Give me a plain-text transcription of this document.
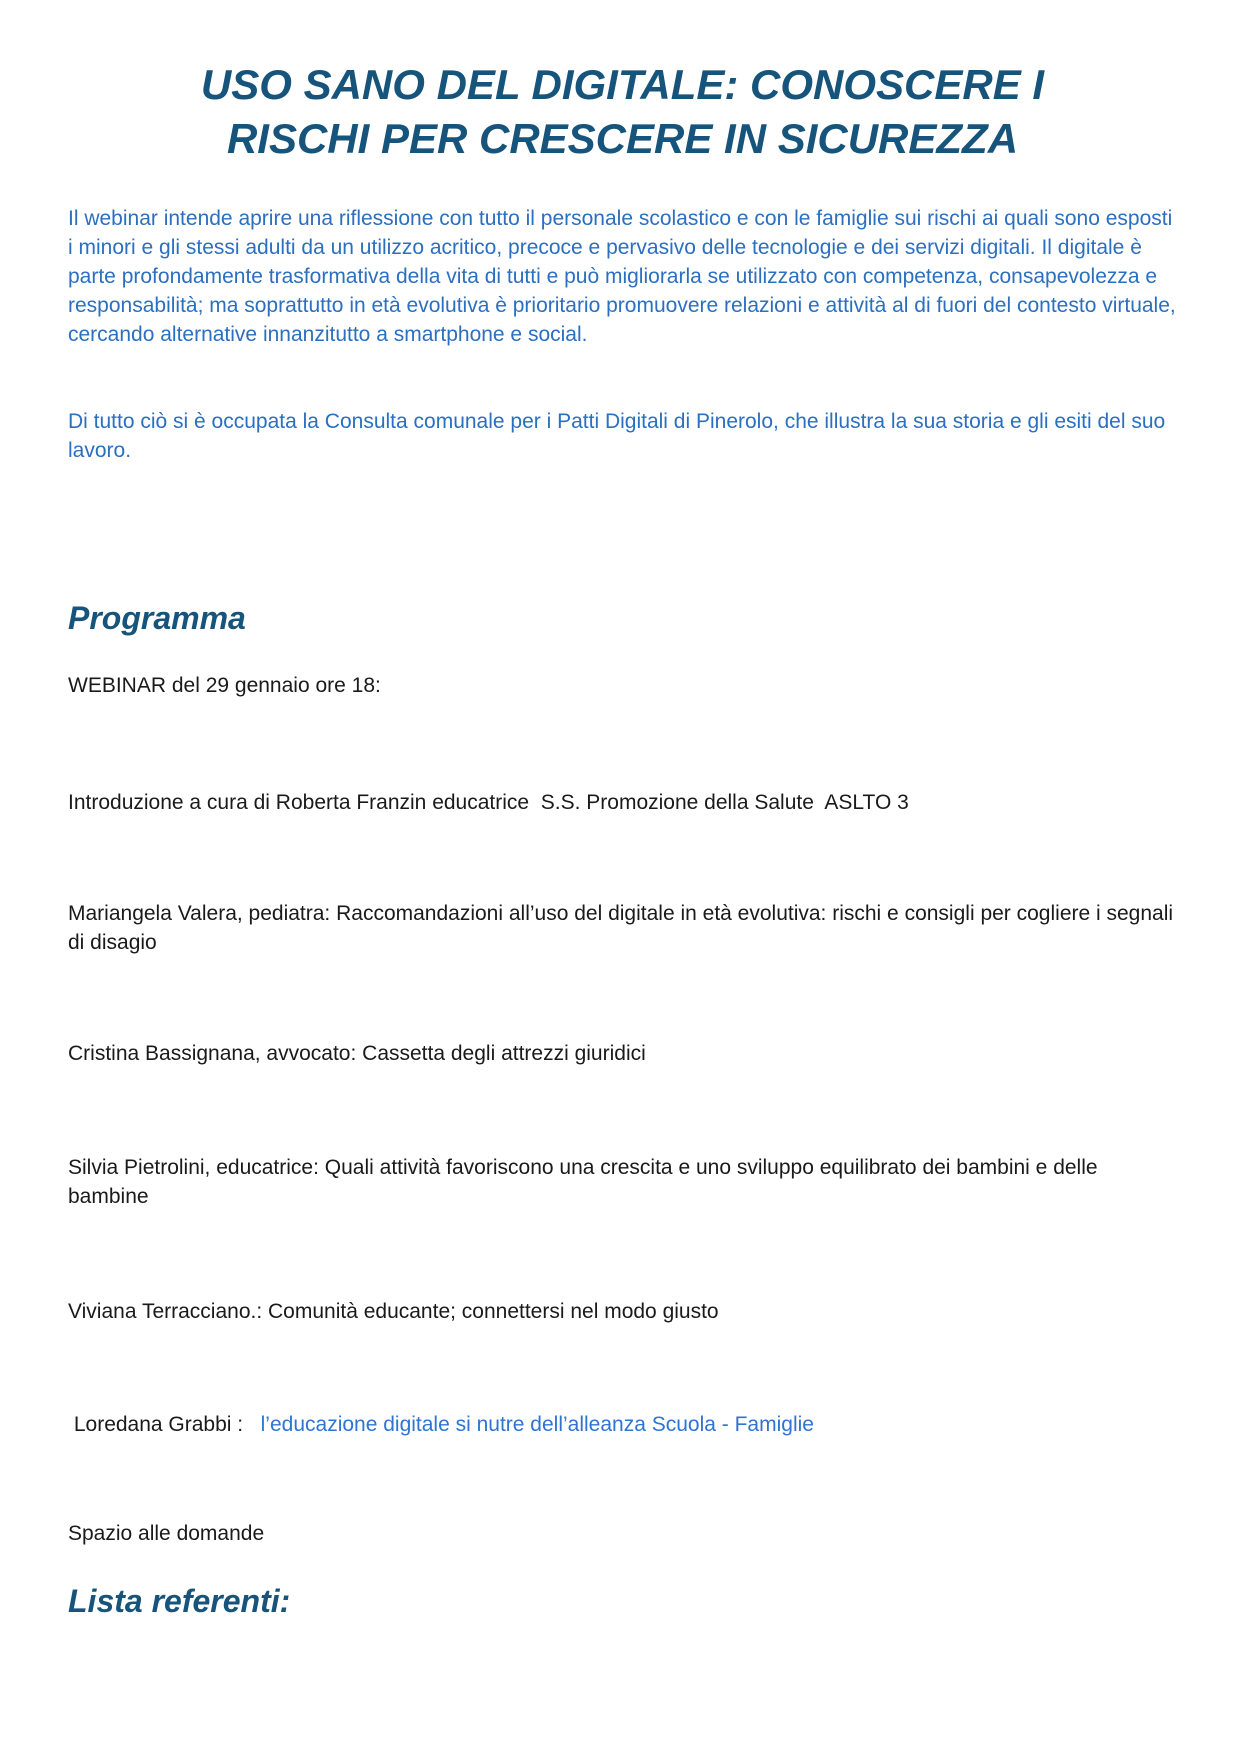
USO SANO DEL DIGITALE: CONOSCERE I
RISCHI PER CRESCERE IN SICUREZZA

Il webinar intende aprire una riflessione con tutto il personale scolastico e con le famiglie sui rischi ai quali sono esposti i minori e gli stessi adulti da un utilizzo acritico, precoce e pervasivo delle tecnologie e dei servizi digitali. Il digitale è parte profondamente trasformativa della vita di tutti e può migliorarla se utilizzato con competenza, consapevolezza e responsabilità; ma soprattutto in età evolutiva è prioritario promuovere relazioni e attività al di fuori del contesto virtuale, cercando alternative innanzitutto a smartphone e social.

Di tutto ciò si è occupata la Consulta comunale per i Patti Digitali di Pinerolo, che illustra la sua storia e gli esiti del suo lavoro.

Programma

WEBINAR del 29 gennaio ore 18:

Introduzione a cura di Roberta Franzin educatrice  S.S. Promozione della Salute  ASLTO 3

Mariangela Valera, pediatra: Raccomandazioni all’uso del digitale in età evolutiva: rischi e consigli per cogliere i segnali di disagio

Cristina Bassignana, avvocato: Cassetta degli attrezzi giuridici

Silvia Pietrolini, educatrice: Quali attività favoriscono una crescita e uno sviluppo equilibrato dei bambini e delle bambine

Viviana Terracciano.: Comunità educante; connettersi nel modo giusto

Loredana Grabbi :   l’educazione digitale si nutre dell’alleanza Scuola - Famiglie

Spazio alle domande

Lista referenti:
